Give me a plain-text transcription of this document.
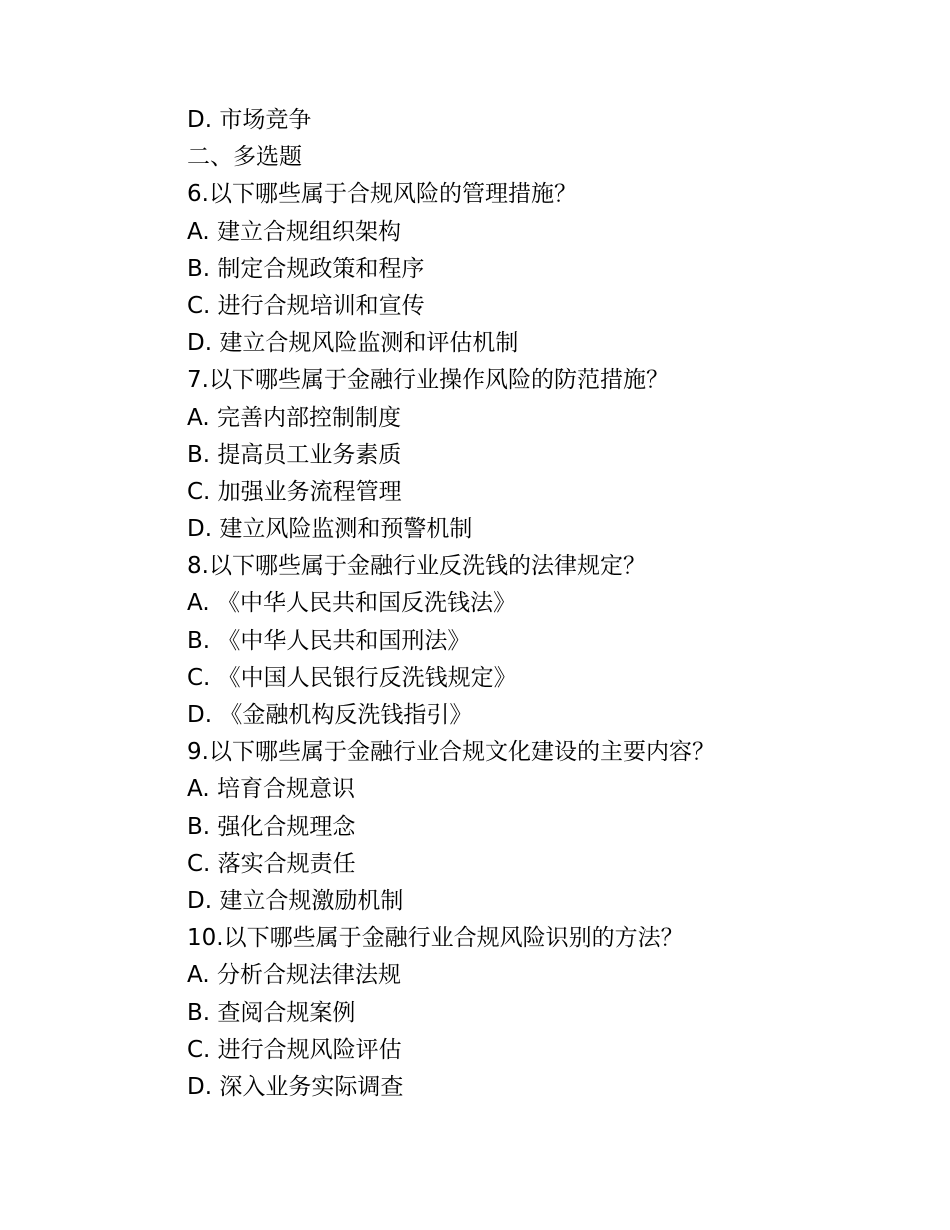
D. 市场竞争
二、多选题
6.以下哪些属于合规风险的管理措施？
A. 建立合规组织架构
B. 制定合规政策和程序
C. 进行合规培训和宣传
D. 建立合规风险监测和评估机制
7.以下哪些属于金融行业操作风险的防范措施？
A. 完善内部控制制度
B. 提高员工业务素质
C. 加强业务流程管理
D. 建立风险监测和预警机制
8.以下哪些属于金融行业反洗钱的法律规定？
A. 《中华人民共和国反洗钱法》
B. 《中华人民共和国刑法》
C. 《中国人民银行反洗钱规定》
D. 《金融机构反洗钱指引》
9.以下哪些属于金融行业合规文化建设的主要内容？
A. 培育合规意识
B. 强化合规理念
C. 落实合规责任
D. 建立合规激励机制
10.以下哪些属于金融行业合规风险识别的方法？
A. 分析合规法律法规
B. 查阅合规案例
C. 进行合规风险评估
D. 深入业务实际调查
